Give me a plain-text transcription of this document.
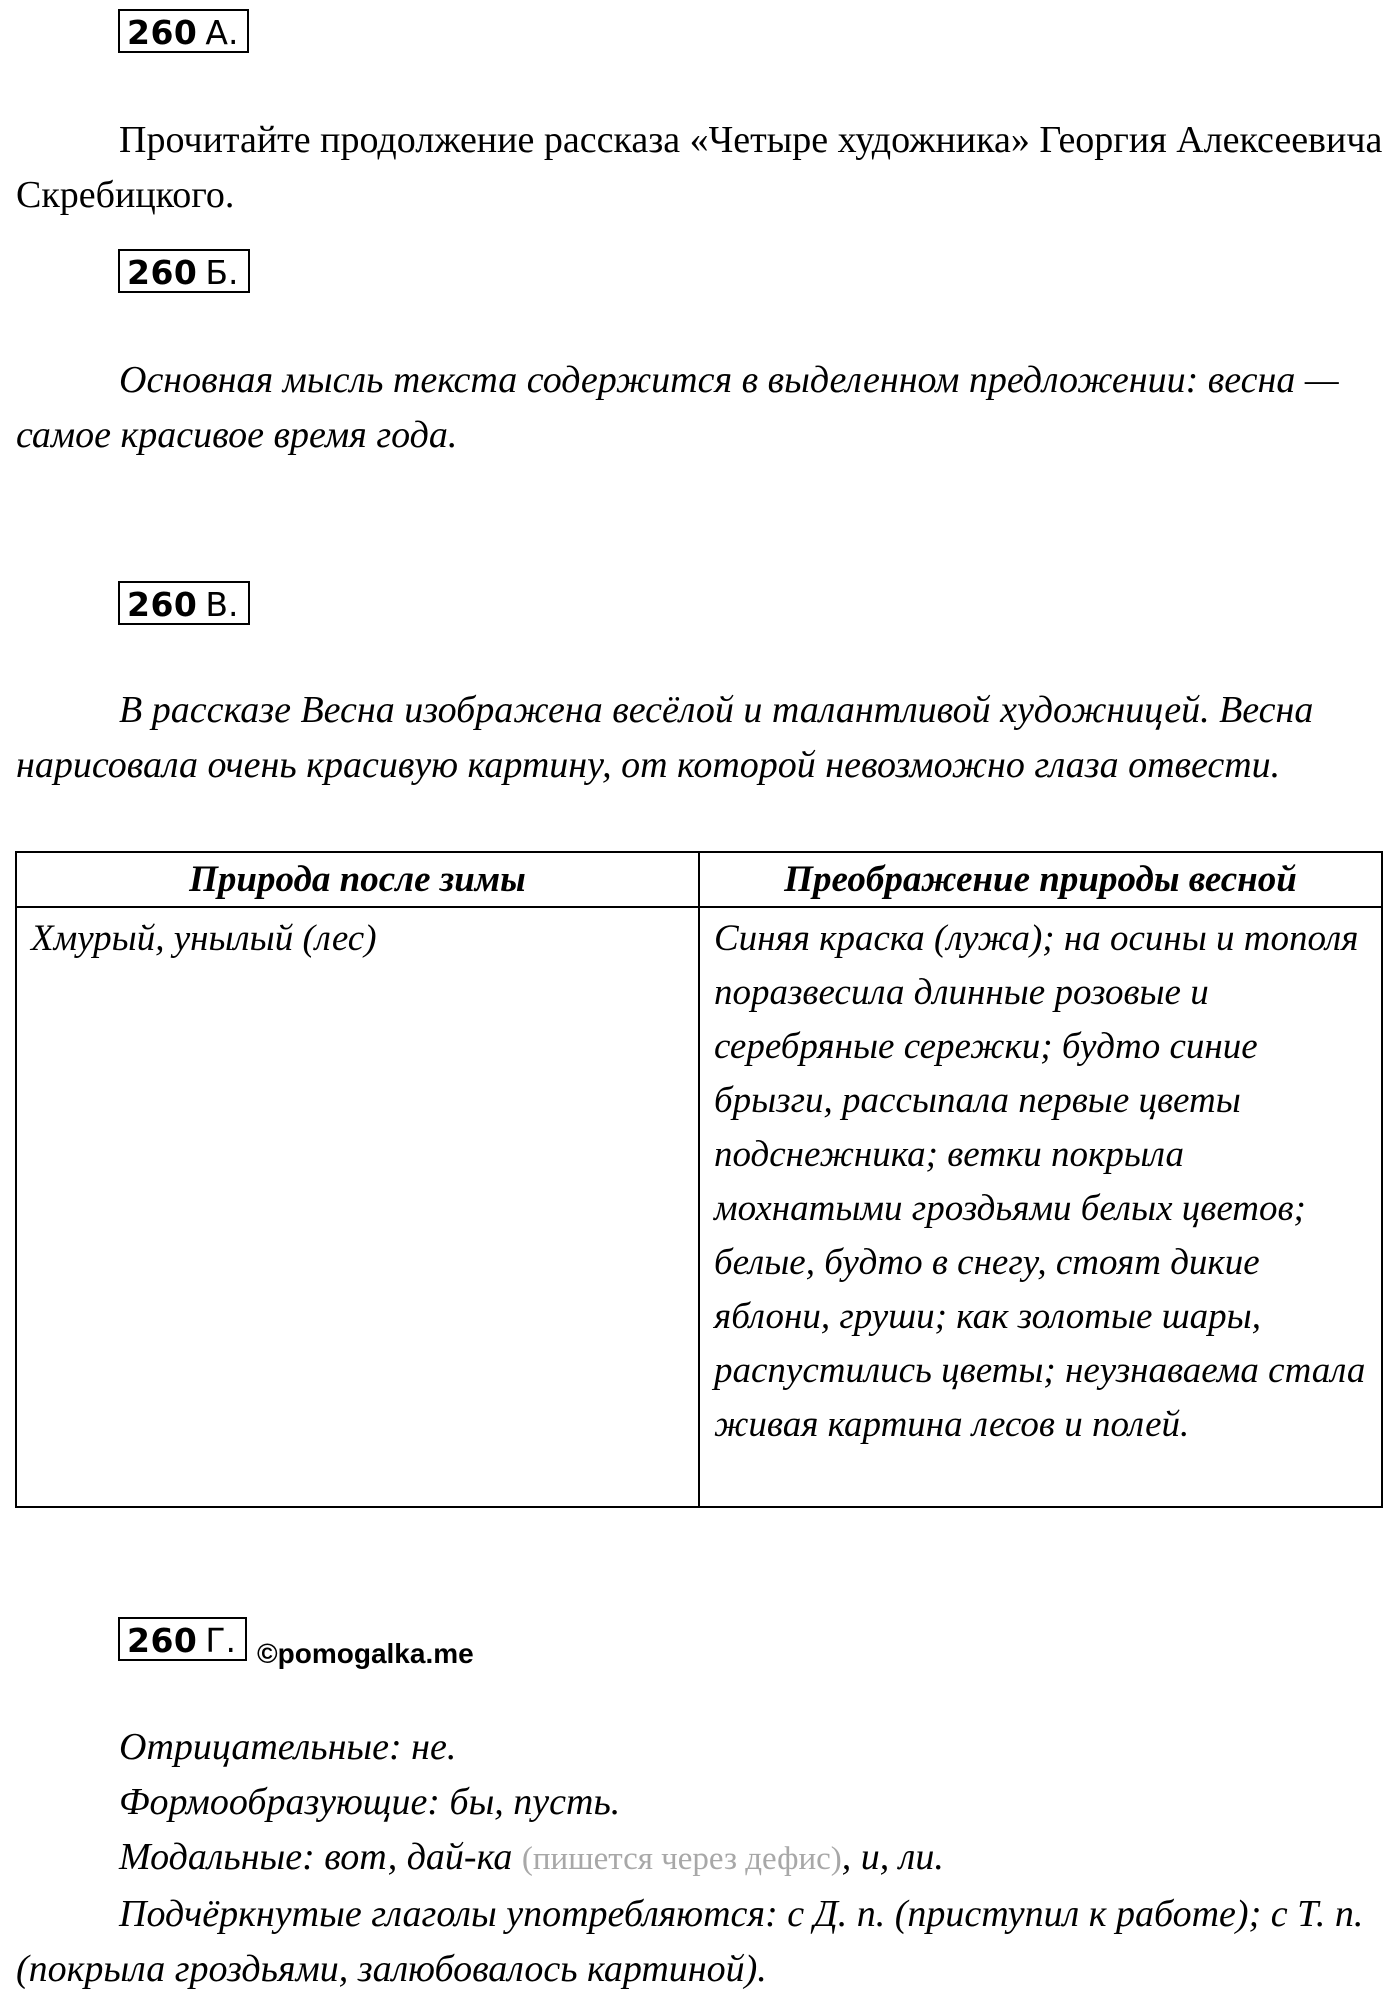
260 А.

Прочитайте продолжение рассказа «Четыре художника» Георгия Алексеевича Скребицкого.

260 Б.

Основная мысль текста содержится в выделенном предложении: весна — самое красивое время года.

260 В.

В рассказе Весна изображена весёлой и талантливой художницей. Весна нарисовала очень красивую картину, от которой невозможно глаза отвести.

Природа после зимы	Преображение природы весной
Хмурый, унылый (лес)	Синяя краска (лужа); на осины и тополя поразвесила длинные розовые и серебряные сережки; будто синие брызги, рассыпала первые цветы подснежника; ветки покрыла мохнатыми гроздьями белых цветов; белые, будто в снегу, стоят дикие яблони, груши; как золотые шары, распустились цветы; неузнаваема стала живая картина лесов и полей.
260 Г. ©pomogalka.me

Отрицательные: не.

Формообразующие: бы, пусть.

Модальные: вот, дай-ка (пишется через дефис), и, ли.

Подчёркнутые глаголы употребляются: с Д. п. (приступил к работе); с Т. п. (покрыла гроздьями, залюбовалось картиной).
